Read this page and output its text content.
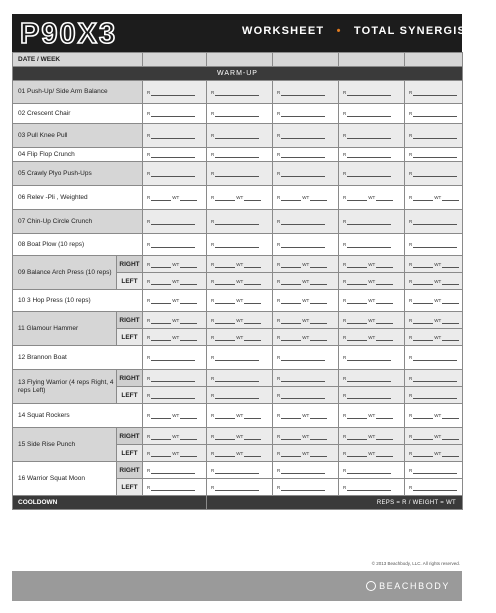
P90X3	WORKSHEET • TOTAL SYNERGISTICS
DATE / WEEK						
WARM-UP						
01 Push-Up/ Side Arm Balance		R	R	R	R	R
02 Crescent Chair		R	R	R	R	R
03 Pull Knee Pull		R	R	R	R	R
04 Flip Flop Crunch		R	R	R	R	R
05 Crawly Plyo Push-Ups		R	R	R	R	R
06 Relev -Pli , Weighted		R WT	R WT	R WT	R WT	R WT
07 Chin-Up Circle Crunch		R	R	R	R	R
08 Boat Plow (10 reps)		R	R	R	R	R
09 Balance Arch Press (10 reps)	RIGHT	R WT	R WT	R WT	R WT	R WT
	LEFT	R WT	R WT	R WT	R WT	R WT
10 3 Hop Press (10 reps)		R WT	R WT	R WT	R WT	R WT
11 Glamour Hammer	RIGHT	R WT	R WT	R WT	R WT	R WT
	LEFT	R WT	R WT	R WT	R WT	R WT
12 Brannon Boat		R	R	R	R	R
13 Flying Warrior (4 reps Right, 4 reps Left)	RIGHT	R	R	R	R	R
	LEFT	R	R	R	R	R
14 Squat Rockers		R WT	R WT	R WT	R WT	R WT
15 Side Rise Punch	RIGHT	R WT	R WT	R WT	R WT	R WT
	LEFT	R WT	R WT	R WT	R WT	R WT
16 Warrior Squat Moon	RIGHT	R	R	R	R	R
	LEFT	R	R	R	R	R
COOLDOWN			REPS = R / WEIGHT = WT			
© 2013 Beachbody, LLC. All rights reserved.
BEACHBODY
